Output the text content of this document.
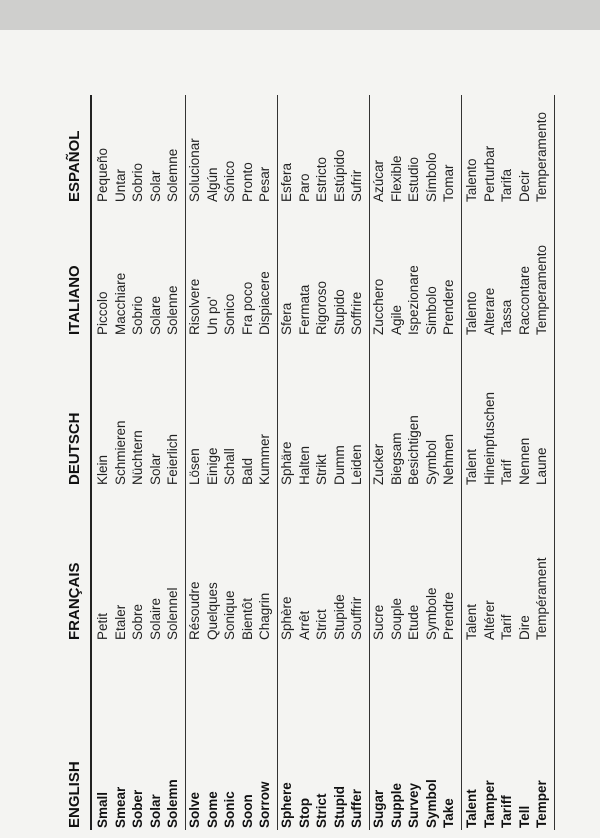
ENGLISH
FRANÇAIS
DEUTSCH
ITALIANO
ESPAÑOL
Small Smear Sober Solar Solemn
Petit Etaler Sobre Solaire Solennel
Klein Schmieren Nüchtern Solar Feierlich
Piccolo Macchiare Sobrio Solare Solenne
Pequeño Untar Sobrio Solar Solemne
Solve Some Sonic Soon Sorrow
Résoudre Quelques Sonique Bientôt Chagrin
Lösen Einige Schall Bald Kummer
Risolvere Un po' Sonico Fra poco Dispiacere
Solucionar Algún Sónico Pronto Pesar
Sphere Stop Strict Stupid Suffer
Sphère Arrêt Strict Stupide Souffrir
Sphäre Halten Strikt Dumm Leiden
Sfera Fermata Rigoroso Stupido Soffrire
Esfera Paro Estricto Estúpido Sufrir
Sugar Supple Survey Symbol Take
Sucre Souple Etude Symbole Prendre
Zucker Biegsam Besichtigen Symbol Nehmen
Zucchero Agile Ispezionare Simbolo Prendere
Azúcar Flexible Estudio Símbolo Tomar
Talent Tamper Tariff Tell Temper
Talent Altérer Tarif Dire Tempérament
Talent Hineinpfuschen Tarif Nennen Laune
Talento Alterare Tassa Raccontare Temperamento
Talento Perturbar Tarifa Decir Temperamento
